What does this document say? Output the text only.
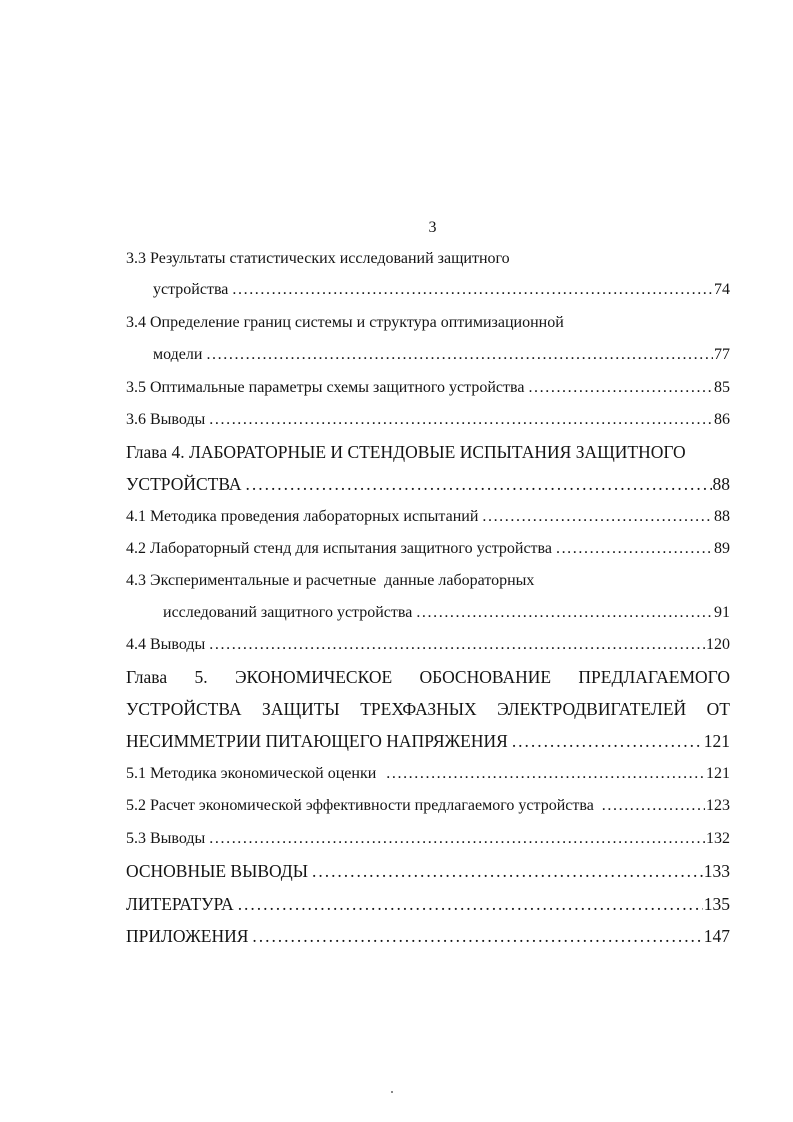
3
3.3 Результаты статистических исследований защитного
устройства . . .	74
3.4 Определение границ системы и структура оптимизационной
модели . . .	77
3.5 Оптимальные параметры схемы защитного устройства . . .	85
3.6 Выводы . . .	86
Глава 4. ЛАБОРАТОРНЫЕ И СТЕНДОВЫЕ ИСПЫТАНИЯ ЗАЩИТНОГО
УСТРОЙСТВА . . .	88
4.1 Методика проведения лабораторных испытаний . . .	88
4.2 Лабораторный стенд для испытания защитного устройства . . .	89
4.3 Экспериментальные и расчетные  данные лабораторных
исследований защитного устройства . . .	91
4.4 Выводы . . .	120
Глава 5. ЭКОНОМИЧЕСКОЕ ОБОСНОВАНИЕ ПРЕДЛАГАЕМОГО
УСТРОЙСТВА ЗАЩИТЫ ТРЕХФАЗНЫХ ЭЛЕКТРОДВИГАТЕЛЕЙ ОТ
НЕСИММЕТРИИ ПИТАЮЩЕГО НАПРЯЖЕНИЯ . . .	121
5.1 Методика экономической оценки . . .	121
5.2 Расчет экономической эффективности предлагаемого устройства . . .	123
5.3 Выводы . . .	132
ОСНОВНЫЕ ВЫВОДЫ . . .	133
ЛИТЕРАТУРА . . .	135
ПРИЛОЖЕНИЯ . . .	147
